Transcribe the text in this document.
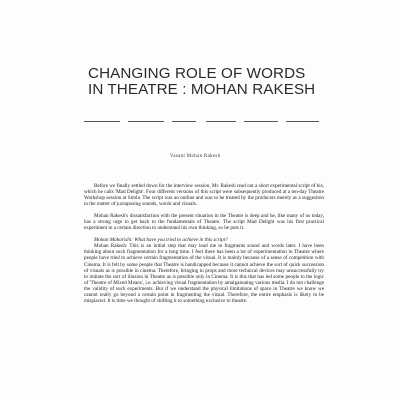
CHANGING ROLE OF WORDS
IN THEATRE : MOHAN RAKESH
Vasant Mohan Rakesh

Before we finally settled down for the interview session, Mr. Rakesh read out a short experimental script of his, which he calls 'Mad Delight'. Four different versions of this script were subsequently produced at a ten-day Theatre Workshop session at Simla. The script was an outline and was to be treated by the producers merely as a suggestion in the matter of juxtaposing sounds, words and visuals.

Mohan Rakesh's dissatisfaction with the present situation in the Theatre is deep and he, like many of us today, has a strong urge to get back to the fundamentals of Theatre. The script Mad Delight was his first practical experiment in a certain direction to understand his own thinking, so he puts it.

Mohan Maharishi: What have you tried to achieve in this script?

Mohan Rakesh: This is an initial step that may lead me to fragments sound and words later. I have been thinking about such fragmentation for a long time. I feel there has been a lot of experimentation in Theatre where people have tried to achieve certain fragmentation of the visual. It is mainly because of a sense of competition with Cinema. It is felt by some people that Theatre is handicapped because it cannot achieve the sort of quick succession of visuals as is possible in cinema. Therefore, bringing in props and more technical devices may unsuccessfully try to imitate the sort of illusion in Theatre as is possible only in Cinema. It is this that has led some people to the logic of 'Theatre of Mixed Means', i.e. achieving visual fragmentation by amalgamating various media. I do not challenge the validity of such experiments. But if we understand the physical limitations of space in Theatre we know we cannot really go beyond a certain point in fragmenting the visual. Therefore, the entire emphasis is likely to be misplaced. It is time we thought of shifting it to something exclusive to theatre.
